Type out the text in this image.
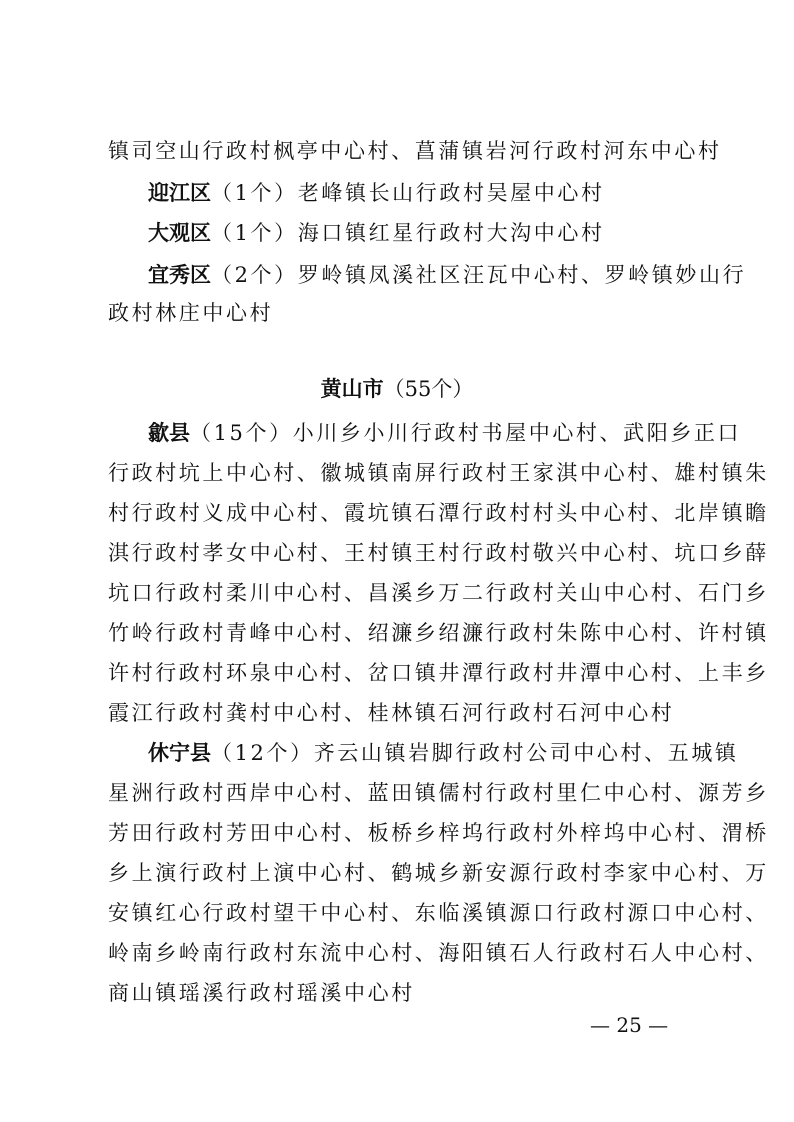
镇司空山行政村枫亭中心村、菖蒲镇岩河行政村河东中心村
迎江区（1个）老峰镇长山行政村吴屋中心村
大观区（1个）海口镇红星行政村大沟中心村
宜秀区（2个）罗岭镇凤溪社区汪瓦中心村、罗岭镇妙山行
政村林庄中心村
黄山市（55个）
歙县（15个）小川乡小川行政村书屋中心村、武阳乡正口
行政村坑上中心村、徽城镇南屏行政村王家淇中心村、雄村镇朱
村行政村义成中心村、霞坑镇石潭行政村村头中心村、北岸镇瞻
淇行政村孝女中心村、王村镇王村行政村敬兴中心村、坑口乡薛
坑口行政村柔川中心村、昌溪乡万二行政村关山中心村、石门乡
竹岭行政村青峰中心村、绍濂乡绍濂行政村朱陈中心村、许村镇
许村行政村环泉中心村、岔口镇井潭行政村井潭中心村、上丰乡
霞江行政村龚村中心村、桂林镇石河行政村石河中心村
休宁县（12个）齐云山镇岩脚行政村公司中心村、五城镇
星洲行政村西岸中心村、蓝田镇儒村行政村里仁中心村、源芳乡
芳田行政村芳田中心村、板桥乡梓坞行政村外梓坞中心村、渭桥
乡上演行政村上演中心村、鹤城乡新安源行政村李家中心村、万
安镇红心行政村望干中心村、东临溪镇源口行政村源口中心村、
岭南乡岭南行政村东流中心村、海阳镇石人行政村石人中心村、
商山镇瑶溪行政村瑶溪中心村
— 25 —
